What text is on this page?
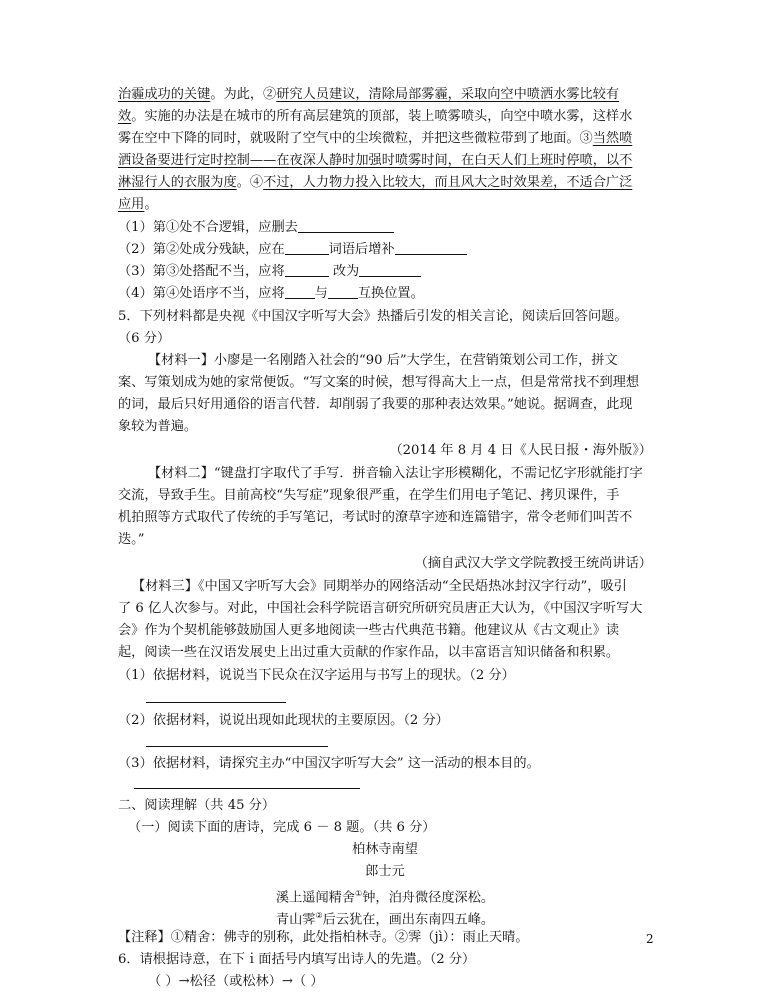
治霾成功的关键。为此，②研究人员建议，清除局部雾霾，采取向空中喷洒水雾比较有
效。实施的办法是在城市的所有高层建筑的顶部，装上喷雾喷头，向空中喷水雾，这样水
雾在空中下降的同时，就吸附了空气中的尘埃微粒，并把这些微粒带到了地面。③当然喷
洒设备要进行定时控制——在夜深人静时加强时喷雾时间，在白天人们上班时停喷，以不
淋湿行人的衣服为度。④不过，人力物力投入比较大，而且风大之时效果差，不适合广泛
应用。
（1）第①处不合逻辑，应删去
（2）第②处成分残缺，应在	词语后增补
（3）第③处搭配不当，应将	改为
（4）第④处语序不当，应将 与 互换位置。
5．下列材料都是央视《中国汉字听写大会》热播后引发的相关言论，阅读后回答问题。
（6 分）
【材料一】小廖是一名刚踏入社会的“90 后”大学生，在营销策划公司工作，拼文
案、写策划成为她的家常便饭。“写文案的时候，想写得高大上一点，但是常常找不到理想
的词，最后只好用通俗的语言代替．却削弱了我要的那种表达效果。”她说。据调查，此现
象较为普遍。
（2014 年 8 月 4 日《人民日报・海外版》）
【材料二】“键盘打字取代了手写．拼音输入法让字形模糊化，不需记忆字形就能打字
交流，导致手生。目前高校“失写症”现象很严重，在学生们用电子笔记、拷贝课件，手
机拍照等方式取代了传统的手写笔记，考试时的潦草字迹和连篇错字，常令老师们叫苦不
迭。”
（摘自武汉大学文学院教授王统尚讲话）
【材料三】《中国又字听写大会》同期举办的网络活动“全民焐热冰封汉字行动”，吸引
了 6 亿人次参与。对此，中国社会科学院语言研究所研究员唐正大认为，《中国汉字听写大
会》作为个契机能够鼓励国人更多地阅读一些古代典范书籍。他建议从《古文观止》读
起，阅读一些在汉语发展史上出过重大贡献的作家作品，以丰富语言知识储备和积累。
（1）依据材料，说说当下民众在汉字运用与书写上的现状。（2 分）
（2）依据材料，说说出现如此现状的主要原因。（2 分）
（3）依据材料，请探究主办“中国汉字听写大会” 这一活动的根本目的。
二、阅读理解（共 45 分）
（一）阅读下面的唐诗，完成 6 － 8 题。（共 6 分）
柏林寺南望
郎士元
溪上遥闻精舍①钟，泊舟微径度深松。
青山霁②后云犹在，画出东南四五峰。
【注释】①精舍：佛寺的别称，此处指柏林寺。②霁（jì）：雨止天晴。
6．请根据诗意，在下ｉ面括号内填写出诗人的先遣。（2 分）
（ ）→松径（或松林）→（ ）
2
